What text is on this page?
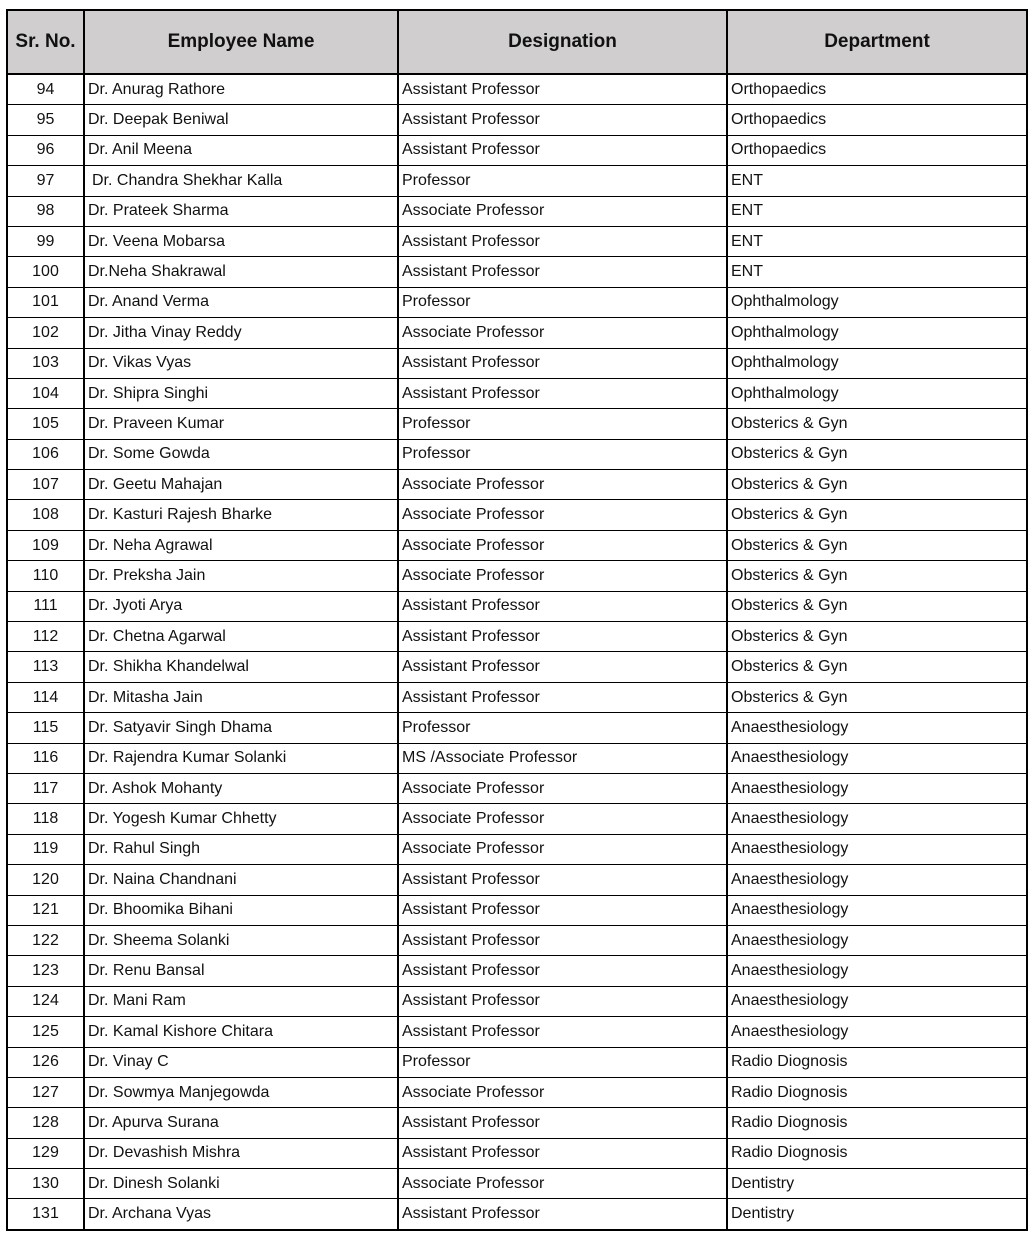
Sr. No.	Employee Name	Designation	Department
94	Dr. Anurag Rathore	Assistant Professor	Orthopaedics
95	Dr. Deepak Beniwal	Assistant Professor	Orthopaedics
96	Dr. Anil Meena	Assistant Professor	Orthopaedics
97	Dr. Chandra Shekhar Kalla	Professor	ENT
98	Dr. Prateek Sharma	Associate Professor	ENT
99	Dr. Veena Mobarsa	Assistant Professor	ENT
100	Dr.Neha Shakrawal	Assistant Professor	ENT
101	Dr. Anand Verma	Professor	Ophthalmology
102	Dr. Jitha Vinay Reddy	Associate Professor	Ophthalmology
103	Dr. Vikas Vyas	Assistant Professor	Ophthalmology
104	Dr. Shipra Singhi	Assistant Professor	Ophthalmology
105	Dr. Praveen Kumar	Professor	Obsterics & Gyn
106	Dr. Some Gowda	Professor	Obsterics & Gyn
107	Dr. Geetu Mahajan	Associate Professor	Obsterics & Gyn
108	Dr. Kasturi Rajesh Bharke	Associate Professor	Obsterics & Gyn
109	Dr. Neha Agrawal	Associate Professor	Obsterics & Gyn
110	Dr. Preksha Jain	Associate Professor	Obsterics & Gyn
111	Dr. Jyoti Arya	Assistant Professor	Obsterics & Gyn
112	Dr. Chetna Agarwal	Assistant Professor	Obsterics & Gyn
113	Dr. Shikha Khandelwal	Assistant Professor	Obsterics & Gyn
114	Dr. Mitasha Jain	Assistant Professor	Obsterics & Gyn
115	Dr. Satyavir Singh Dhama	Professor	Anaesthesiology
116	Dr. Rajendra Kumar Solanki	MS /Associate Professor	Anaesthesiology
117	Dr. Ashok Mohanty	Associate Professor	Anaesthesiology
118	Dr. Yogesh Kumar Chhetty	Associate Professor	Anaesthesiology
119	Dr. Rahul Singh	Associate Professor	Anaesthesiology
120	Dr. Naina Chandnani	Assistant Professor	Anaesthesiology
121	Dr. Bhoomika Bihani	Assistant Professor	Anaesthesiology
122	Dr. Sheema Solanki	Assistant Professor	Anaesthesiology
123	Dr. Renu Bansal	Assistant Professor	Anaesthesiology
124	Dr. Mani Ram	Assistant Professor	Anaesthesiology
125	Dr. Kamal Kishore Chitara	Assistant Professor	Anaesthesiology
126	Dr. Vinay C	Professor	Radio Diognosis
127	Dr. Sowmya Manjegowda	Associate Professor	Radio Diognosis
128	Dr. Apurva Surana	Assistant Professor	Radio Diognosis
129	Dr. Devashish Mishra	Assistant Professor	Radio Diognosis
130	Dr. Dinesh Solanki	Associate Professor	Dentistry
131	Dr. Archana Vyas	Assistant Professor	Dentistry
